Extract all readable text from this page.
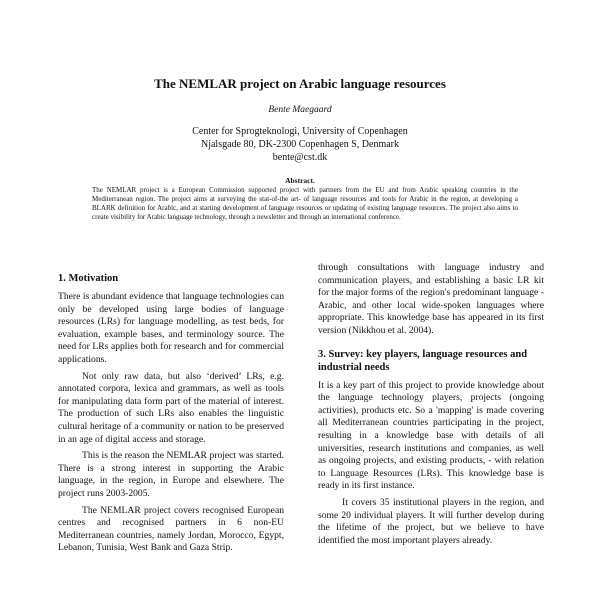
The NEMLAR project on Arabic language resources
Bente Maegaard
Center for Sprogteknologi, University of Copenhagen
Njalsgade 80, DK-2300 Copenhagen S, Denmark
bente@cst.dk
Abstract.

The NEMLAR project is a European Commission supported project with partners from the EU and from Arabic speaking countries in the Mediterranean region. The project aims at surveying the stat-of-the art- of language resources and tools for Arabic in the region, at developing a BLARK definition for Arabic, and at starting development of language resources or updating of existing language resources. The project also aims to create visibility for Arabic language technology, through a newsletter and through an international conference.

1. Motivation

There is abundant evidence that language technologies can only be developed using large bodies of language resources (LRs) for language modelling, as test beds, for evaluation, example bases, and terminology source. The need for LRs applies both for research and for commercial applications.

Not only raw data, but also ‘derived’ LRs, e.g. annotated corpora, lexica and grammars, as well as tools for manipulating data form part of the material of interest. The production of such LRs also enables the linguistic cultural heritage of a community or nation to be preserved in an age of digital access and storage.

This is the reason the NEMLAR project was started. There is a strong interest in supporting the Arabic language, in the region, in Europe and elsewhere. The project runs 2003-2005.

The NEMLAR project covers recognised European centres and recognised partners in 6 non-EU Mediterranean countries, namely Jordan, Morocco, Egypt, Lebanon, Tunisia, West Bank and Gaza Strip.

through consultations with language industry and communication players, and establishing a basic LR kit for the major forms of the region's predominant language - Arabic, and other local wide-spoken languages where appropriate. This knowledge base has appeared in its first version (Nikkhou et al. 2004).

3. Survey: key players, language resources and industrial needs

It is a key part of this project to provide knowledge about the language technology players, projects (ongoing activities), products etc. So a 'mapping' is made covering all Mediterranean countries participating in the project, resulting in a knowledge base with details of all universities, research institutions and companies, as well as ongoing projects, and existing products, - with relation to Language Resources (LRs). This knowledge base is ready in its first instance.

It covers 35 institutional players in the region, and some 20 individual players. It will further develop during the lifetime of the project, but we believe to have identified the most important players already.
